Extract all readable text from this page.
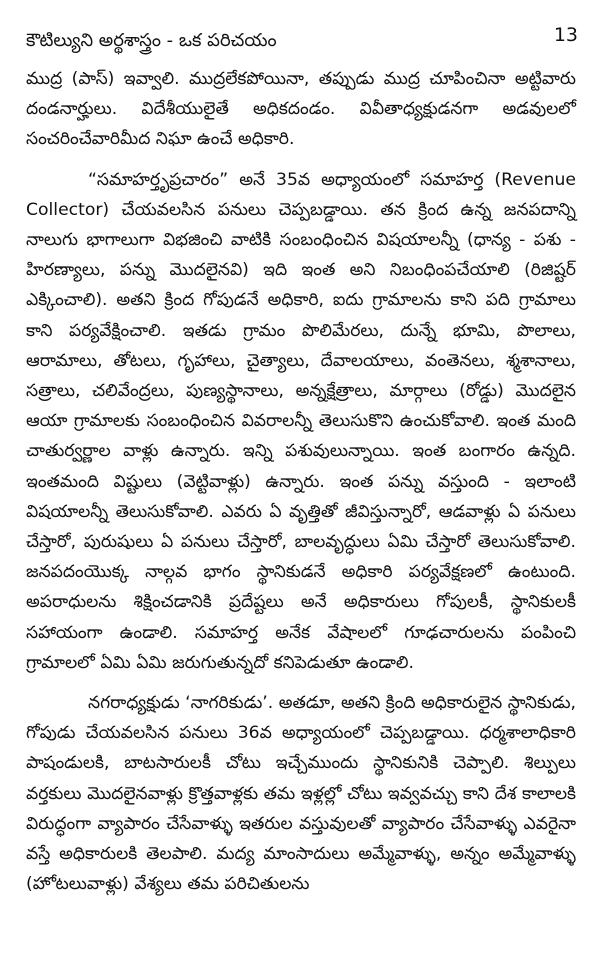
కౌటిల్యుని అర్థశాస్త్రం - ఒక పరిచయం	13

ముద్ర (పాస్) ఇవ్వాలి. ముద్రలేకపోయినా, తప్పుడు ముద్ర చూపించినా అట్టివారు దండనార్హులు. విదేశీయులైతే అధికదండం. వివీతాధ్యక్షుడనగా అడవులలో సంచరించేవారిమీద నిఘా ఉంచే అధికారి.

“సమాహర్తృప్రచారం” అనే 35వ అధ్యాయంలో సమాహర్త (Revenue Collector) చేయవలసిన పనులు చెప్పబడ్డాయి. తన క్రింద ఉన్న జనపదాన్ని నాలుగు భాగాలుగా విభజించి వాటికి సంబంధించిన విషయాలన్నీ (ధాన్య - పశు - హిరణ్యాలు, పన్ను మొదలైనవి) ఇది ఇంత అని నిబంధింపచేయాలి (రిజిష్టర్ ఎక్కించాలి). అతని క్రింద గోపుడనే అధికారి, ఐదు గ్రామాలను కాని పది గ్రామాలు కాని పర్యవేక్షించాలి. ఇతడు గ్రామం పొలిమేరలు, దున్నే భూమి, పొలాలు, ఆరామాలు, తోటలు, గృహాలు, చైత్యాలు, దేవాలయాలు, వంతెనలు, శ్మశానాలు, సత్రాలు, చలివేంద్రలు, పుణ్యస్థానాలు, అన్నక్షేత్రాలు, మార్గాలు (రోడ్డు) మొదలైన ఆయా గ్రామాలకు సంబంధించిన వివరాలన్నీ తెలుసుకొని ఉంచుకోవాలి. ఇంత మంది చాతుర్వర్ణాల వాళ్లు ఉన్నారు. ఇన్ని పశువులున్నాయి. ఇంత బంగారం ఉన్నది. ఇంతమంది విష్టులు (వెట్టివాళ్లు) ఉన్నారు. ఇంత పన్ను వస్తుంది - ఇలాంటి విషయాలన్నీ తెలుసుకోవాలి. ఎవరు ఏ వృత్తితో జీవిస్తున్నారో, ఆడవాళ్లు ఏ పనులు చేస్తారో, పురుషులు ఏ పనులు చేస్తారో, బాలవృద్ధులు ఏమి చేస్తారో తెలుసుకోవాలి. జనపదంయొక్క నాల్గవ భాగం స్థానికుడనే అధికారి పర్యవేక్షణలో ఉంటుంది. అపరాధులను శిక్షించడానికి ప్రదేష్టలు అనే అధికారులు గోపులకీ, స్థానికులకీ సహాయంగా ఉండాలి. సమాహర్త అనేక వేషాలలో గూఢచారులను పంపించి గ్రామాలలో ఏమి ఏమి జరుగుతున్నదో కనిపెడుతూ ఉండాలి.

నగరాధ్యక్షుడు ‘నాగరికుడు’. అతడూ, అతని క్రింది అధికారులైన స్థానికుడు, గోపుడు చేయవలసిన పనులు 36వ అధ్యాయంలో చెప్పబడ్డాయి. ధర్మశాలాధికారి పాషండులకి, బాటసారులకీ చోటు ఇచ్చేముందు స్థానికునికి చెప్పాలి. శిల్పులు వర్తకులు మొదలైనవాళ్లు క్రొత్తవాళ్లకు తమ ఇళ్లల్లో చోటు ఇవ్వవచ్చు కాని దేశ కాలాలకి విరుద్ధంగా వ్యాపారం చేసేవాళ్ళు ఇతరుల వస్తువులతో వ్యాపారం చేసేవాళ్ళు ఎవరైనా వస్తే అధికారులకి తెలపాలి. మద్య మాంసాదులు అమ్మేవాళ్ళు, అన్నం అమ్మేవాళ్ళు (హోటలువాళ్లు) వేశ్యలు తమ పరిచితులను
